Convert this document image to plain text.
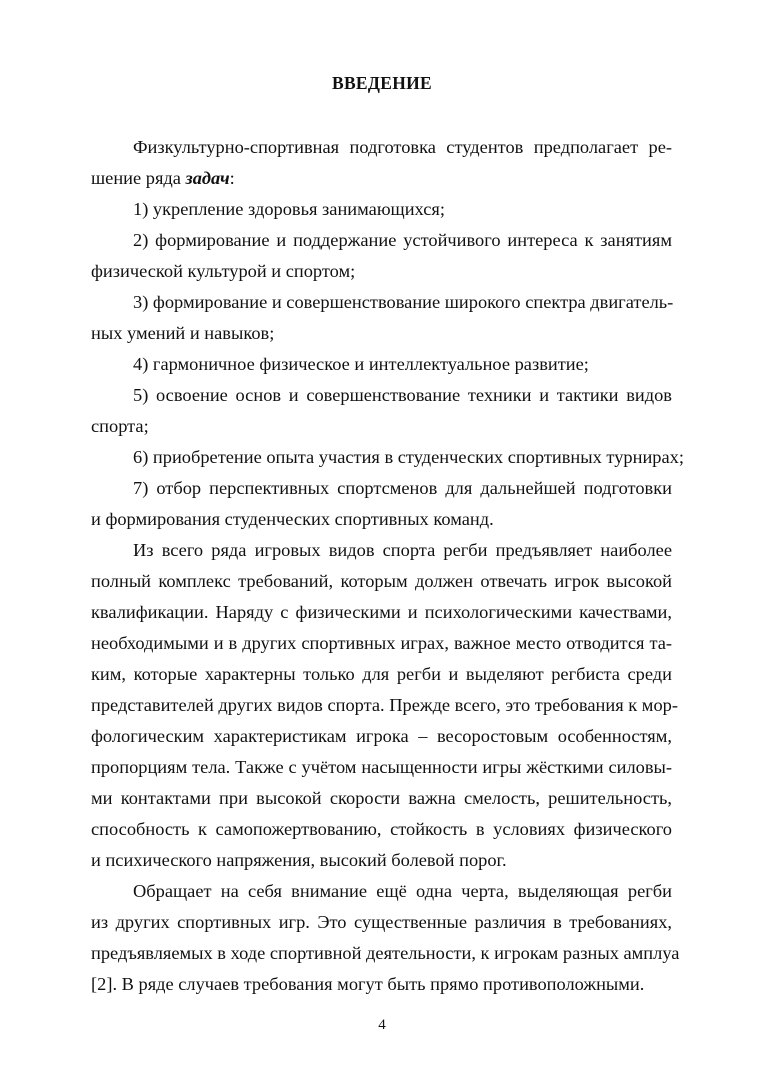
ВВЕДЕНИЕ
Физкультурно-спортивная подготовка студентов предполагает ре-
шение ряда задач:
1) укрепление здоровья занимающихся;
2) формирование и поддержание устойчивого интереса к занятиям
физической культурой и спортом;
3) формирование и совершенствование широкого спектра двигатель-
ных умений и навыков;
4) гармоничное физическое и интеллектуальное развитие;
5) освоение основ и совершенствование техники и тактики видов
спорта;
6) приобретение опыта участия в студенческих спортивных турнирах;
7) отбор перспективных спортсменов для дальнейшей подготовки
и формирования студенческих спортивных команд.
Из всего ряда игровых видов спорта регби предъявляет наиболее
полный комплекс требований, которым должен отвечать игрок высокой
квалификации. Наряду с физическими и психологическими качествами,
необходимыми и в других спортивных играх, важное место отводится та-
ким, которые характерны только для регби и выделяют регбиста среди
представителей других видов спорта. Прежде всего, это требования к мор-
фологическим характеристикам игрока – весоростовым особенностям,
пропорциям тела. Также с учётом насыщенности игры жёсткими силовы-
ми контактами при высокой скорости важна смелость, решительность,
способность к самопожертвованию, стойкость в условиях физического
и психического напряжения, высокий болевой порог.
Обращает на себя внимание ещё одна черта, выделяющая регби
из других спортивных игр. Это существенные различия в требованиях,
предъявляемых в ходе спортивной деятельности, к игрокам разных амплуа
[2]. В ряде случаев требования могут быть прямо противоположными.
4
